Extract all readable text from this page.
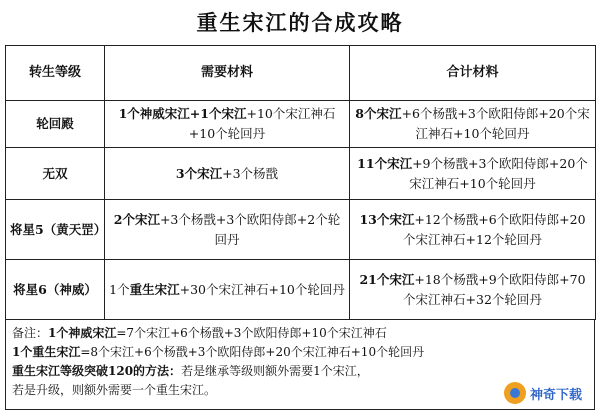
重生宋江的合成攻略
转生等级	需要材料	合计材料
轮回殿	1个神威宋江+1个宋江+10个宋江神石+10个轮回丹	8个宋江+6个杨戬+3个欧阳侍郎+20个宋江神石+10个轮回丹
无双	3个宋江+3个杨戬	11个宋江+9个杨戬+3个欧阳侍郎+20个宋江神石+10个轮回丹
将星5（黄天罡）	2个宋江+3个杨戬+3个欧阳侍郎+2个轮回丹	13个宋江+12个杨戬+6个欧阳侍郎+20个宋江神石+12个轮回丹
将星6（神威）	1个重生宋江+30个宋江神石+10个轮回丹	21个宋江+18个杨戬+9个欧阳侍郎+70个宋江神石+32个轮回丹
备注：1个神威宋江=7个宋江+6个杨戬+3个欧阳侍郎+10个宋江神石
1个重生宋江=8个宋江+6个杨戬+3个欧阳侍郎+20个宋江神石+10个轮回丹
重生宋江等级突破120的方法：若是继承等级则额外需要1个宋江，
若是升级，则额外需要一个重生宋江。	神奇下载
